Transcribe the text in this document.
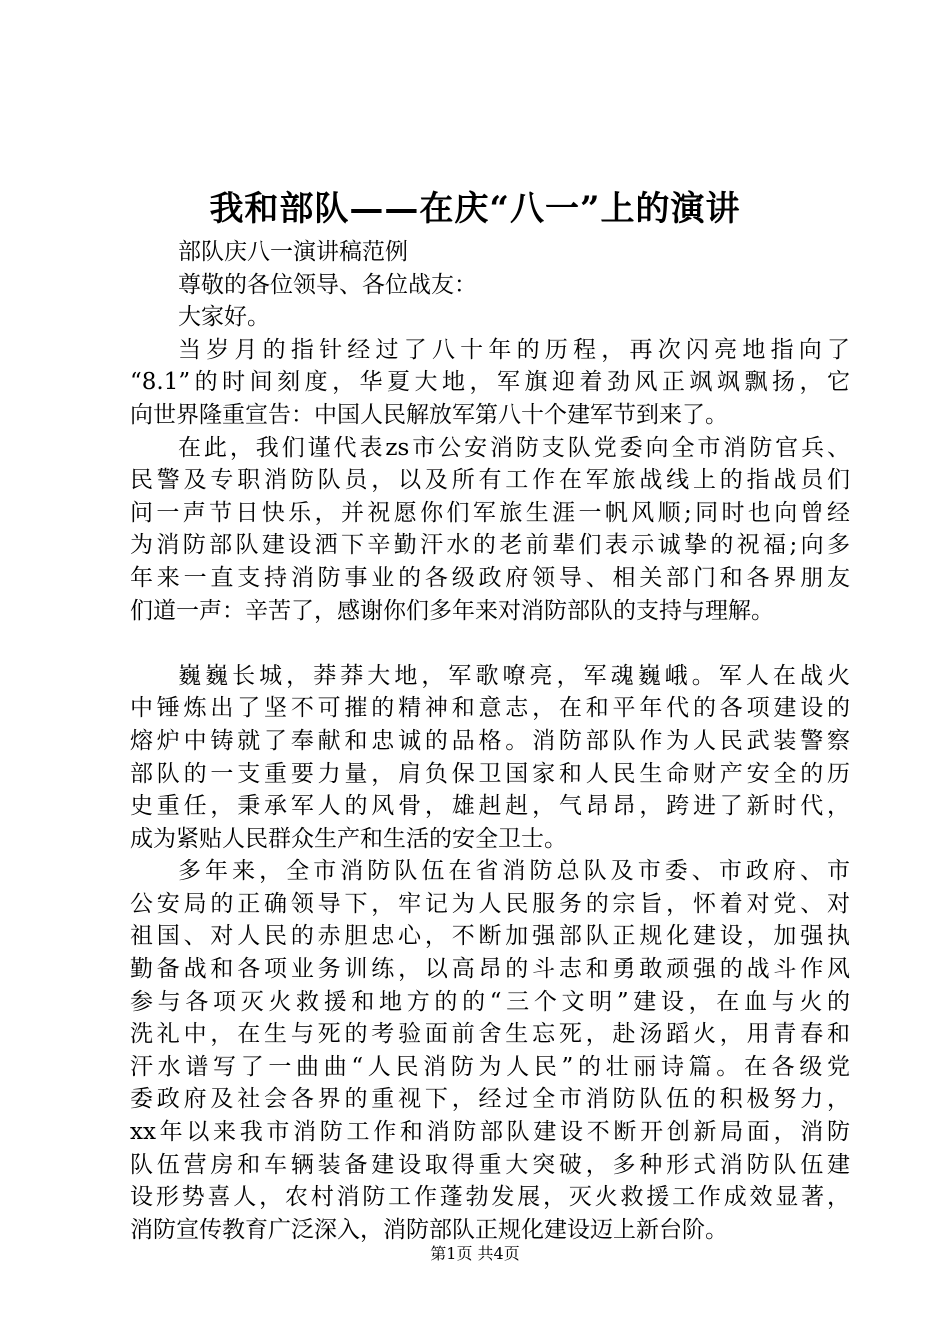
我和部队——在庆“八一”上的演讲
部队庆八一演讲稿范例
尊敬的各位领导、各位战友：
大家好。
当岁月的指针经过了八十年的历程，再次闪亮地指向了
“8.1”的时间刻度，华夏大地，军旗迎着劲风正飒飒飘扬，它
向世界隆重宣告：中国人民解放军第八十个建军节到来了。
在此，我们谨代表zs市公安消防支队党委向全市消防官兵、
民警及专职消防队员，以及所有工作在军旅战线上的指战员们
问一声节日快乐，并祝愿你们军旅生涯一帆风顺;同时也向曾经
为消防部队建设洒下辛勤汗水的老前辈们表示诚挚的祝福;向多
年来一直支持消防事业的各级政府领导、相关部门和各界朋友
们道一声：辛苦了，感谢你们多年来对消防部队的支持与理解。
巍巍长城，莽莽大地，军歌嘹亮，军魂巍峨。军人在战火
中锤炼出了坚不可摧的精神和意志，在和平年代的各项建设的
熔炉中铸就了奉献和忠诚的品格。消防部队作为人民武装警察
部队的一支重要力量，肩负保卫国家和人民生命财产安全的历
史重任，秉承军人的风骨，雄赳赳，气昂昂，跨进了新时代，
成为紧贴人民群众生产和生活的安全卫士。
多年来，全市消防队伍在省消防总队及市委、市政府、市
公安局的正确领导下，牢记为人民服务的宗旨，怀着对党、对
祖国、对人民的赤胆忠心，不断加强部队正规化建设，加强执
勤备战和各项业务训练，以高昂的斗志和勇敢顽强的战斗作风
参与各项灭火救援和地方的的“三个文明”建设，在血与火的
洗礼中，在生与死的考验面前舍生忘死，赴汤蹈火，用青春和
汗水谱写了一曲曲“人民消防为人民”的壮丽诗篇。在各级党
委政府及社会各界的重视下，经过全市消防队伍的积极努力，
xx年以来我市消防工作和消防部队建设不断开创新局面，消防
队伍营房和车辆装备建设取得重大突破，多种形式消防队伍建
设形势喜人，农村消防工作蓬勃发展，灭火救援工作成效显著，
消防宣传教育广泛深入，消防部队正规化建设迈上新台阶。
第1页 共4页
